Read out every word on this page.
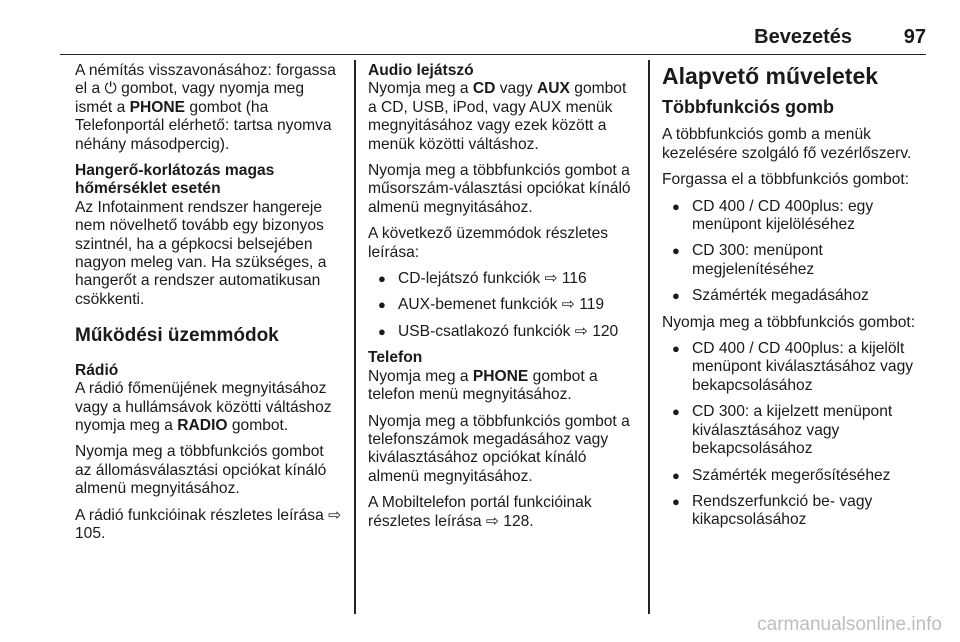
Bevezetés	97

A némítás visszavonásához: forgassa el a ⏻ gombot, vagy nyomja meg ismét a PHONE gombot (ha Telefonportál elérhető: tartsa nyomva néhány másodpercig).

Hangerő-korlátozás magas hőmérséklet esetén

Az Infotainment rendszer hangereje nem növelhető tovább egy bizonyos szintnél, ha a gépkocsi belsejében nagyon meleg van. Ha szükséges, a hangerőt a rendszer automatikusan csökkenti.

Működési üzemmódok
Rádió

A rádió főmenüjének megnyitásához vagy a hullámsávok közötti váltáshoz nyomja meg a RADIO gombot.

Nyomja meg a többfunkciós gombot az állomásválasztási opciókat kínáló almenü megnyitásához.

A rádió funkcióinak részletes leírása ⇨ 105.

Audio lejátszó

Nyomja meg a CD vagy AUX gombot a CD, USB, iPod, vagy AUX menük megnyitásához vagy ezek között a menük közötti váltáshoz.

Nyomja meg a többfunkciós gombot a műsorszám-választási opciókat kínáló almenü megnyitásához.

A következő üzemmódok részletes leírása:

● CD-lejátszó funkciók ⇨ 116
● AUX-bemenet funkciók ⇨ 119
● USB-csatlakozó funkciók ⇨ 120
Telefon

Nyomja meg a PHONE gombot a telefon menü megnyitásához.

Nyomja meg a többfunkciós gombot a telefonszámok megadásához vagy kiválasztásához opciókat kínáló almenü megnyitásához.

A Mobiltelefon portál funkcióinak részletes leírása ⇨ 128.

Alapvető műveletek
Többfunkciós gomb

A többfunkciós gomb a menük kezelésére szolgáló fő vezérlőszerv.

Forgassa el a többfunkciós gombot:

● CD 400 / CD 400plus: egy menüpont kijelöléséhez
● CD 300: menüpont megjelenítéséhez
● Számérték megadásához

Nyomja meg a többfunkciós gombot:

● CD 400 / CD 400plus: a kijelölt menüpont kiválasztásához vagy bekapcsolásához
● CD 300: a kijelzett menüpont kiválasztásához vagy bekapcsolásához
● Számérték megerősítéséhez
● Rendszerfunkció be- vagy kikapcsolásához
carmanualsonline.info
